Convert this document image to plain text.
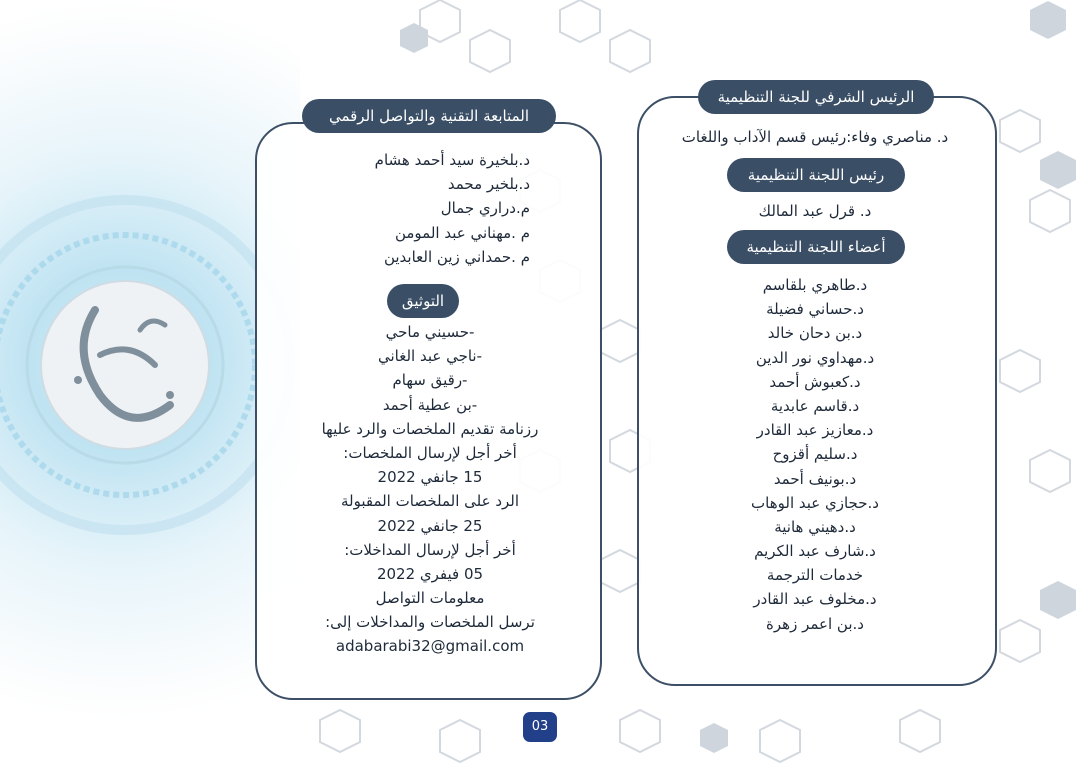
المتابعة التقنية والتواصل الرقمي
د.بلخيرة سيد أحمد هشام
د.بلخير محمد
م.دراري جمال
م .مهناني عبد المومن
م .حمداني زين العابدين
التوثيق
-حسيني ماحي
-ناجي عبد الغاني
-رقيق سهام
-بن عطية أحمد
رزنامة تقديم الملخصات والرد عليها
أخر أجل لإرسال الملخصات:
15 جانفي 2022
الرد على الملخصات المقبولة
25 جانفي 2022
أخر أجل لإرسال المداخلات:
05 فيفري 2022
معلومات التواصل
ترسل الملخصات والمداخلات إلى:
adabarabi32@gmail.com
الرئيس الشرفي للجنة التنظيمية
د. مناصري وفاء:رئيس قسم الآداب واللغات
رئيس اللجنة التنظيمية
د. قرل عبد المالك
أعضاء اللجنة التنظيمية
د.طاهري بلقاسم
د.حساني فضيلة
د.بن دحان خالد
د.مهداوي نور الدين
د.كعبوش أحمد
د.قاسم عابدية
د.معازيز عبد القادر
د.سليم أقزوح
د.بونيف أحمد
د.حجازي عبد الوهاب
د.دهيني هانية
د.شارف عبد الكريم
خدمات الترجمة
د.مخلوف عبد القادر
د.بن اعمر زهرة
03
